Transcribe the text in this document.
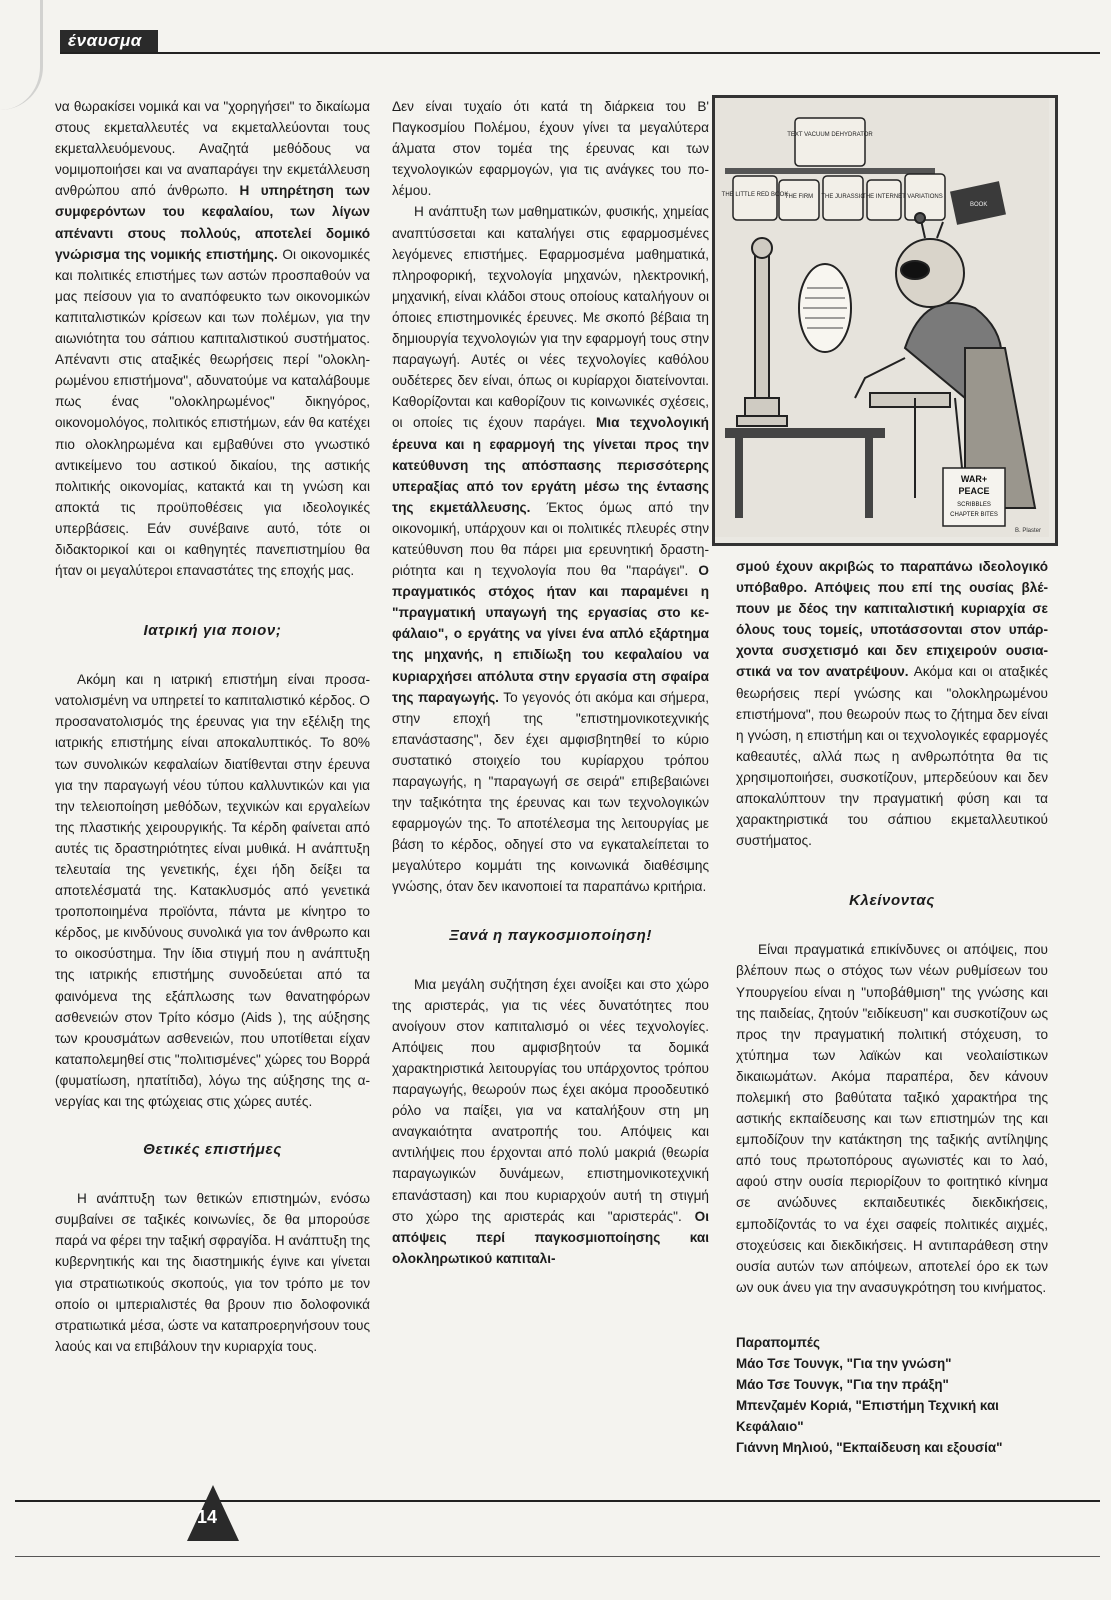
έναυσμα

να θωρακίσει νομικά και να "χορηγήσει" το δικαίωμα στους εκμεταλλευτές να εκμεταλλεύονται τους εκμεταλλευόμενους. Αναζητά μεθόδους να νομιμοποιήσει και να αναπαράγει την εκμετάλλευση ανθρώπου από άνθρωπο. Η υπηρέτηση των συμφερόντων του κεφαλαίου, των λίγων απέναντι στους πολλούς, αποτελεί δομικό γνώρισμα της νομικής επιστήμης. Οι οικονομικές και πολιτικές επιστήμες των αστών προσπαθούν να μας πείσουν για το αναπόφευκτο των οικονομικών καπιταλιστικών κρίσεων και των πολέμων, για την αιωνιότητα του σάπιου καπιταλιστικού συστήματος. Απέναντι στις αταξικές θεωρήσεις περί "ολοκληρωμένου επιστήμονα", αδυνατούμε να καταλάβουμε πως ένας "ολοκληρωμένος" δικηγόρος, οικονομολόγος, πολιτικός επιστήμων, εάν θα κατέχει πιο ολοκληρωμένα και εμβαθύνει στο γνωστικό αντικείμενο του αστικού δικαίου, της αστικής πολιτικής οικονομίας, κατακτά και τη γνώση και αποκτά τις προϋποθέσεις για ιδεολογικές υπερβάσεις. Εάν συνέβαινε αυτό, τότε οι διδακτορικοί και οι καθηγητές πανεπιστημίου θα ήταν οι μεγαλύτεροι επαναστάτες της εποχής μας.

Ιατρική για ποιον;

Ακόμη και η ιατρική επιστήμη είναι προσανατολισμένη να υπηρετεί το καπιταλιστικό κέρδος. Ο προσανατολισμός της έρευνας για την εξέλιξη της ιατρικής επιστήμης είναι αποκαλυπτικός. Το 80% των συνολικών κεφαλαίων διατίθενται στην έρευνα για την παραγωγή νέου τύπου καλλυντικών και για την τελειοποίηση μεθόδων, τεχνικών και εργαλείων της πλαστικής χειρουργικής. Τα κέρδη φαίνεται από αυτές τις δραστηριότητες είναι μυθικά. Η ανάπτυξη τελευταία της γενετικής, έχει ήδη δείξει τα αποτελέσματά της. Κατακλυσμός από γενετικά τροποποιημένα προϊόντα, πάντα με κίνητρο το κέρδος, με κινδύνους συνολικά για τον άνθρωπο και το οικοσύστημα. Την ίδια στιγμή που η ανάπτυξη της ιατρικής επιστήμης συνοδεύεται από τα φαινόμενα της εξάπλωσης των θανατηφόρων ασθενειών στον Τρίτο κόσμο (Aids ), της αύξησης των κρουσμάτων ασθενειών, που υποτίθεται είχαν καταπολεμηθεί στις "πολιτισμένες" χώρες του Βορρά (φυματίωση, ηπατίτιδα), λόγω της αύξησης της ανεργίας και της φτώχειας στις χώρες αυτές.

Θετικές επιστήμες

Η ανάπτυξη των θετικών επιστημών, ενόσω συμβαίνει σε ταξικές κοινωνίες, δε θα μπορούσε παρά να φέρει την ταξική σφραγίδα. Η ανάπτυξη της κυβερνητικής και της διαστημικής έγινε και γίνεται για στρατιωτικούς σκοπούς, για τον τρόπο με τον οποίο οι ιμπεριαλιστές θα βρουν πιο δολοφονικά στρατιωτικά μέσα, ώστε να καταπροερηνήσουν τους λαούς και να επιβάλουν την κυριαρχία τους.

Δεν είναι τυχαίο ότι κατά τη διάρκεια του Β' Παγκοσμίου Πολέμου, έχουν γίνει τα μεγαλύτερα άλματα στον τομέα της έρευνας και των τεχνολογικών εφαρμογών, για τις ανάγκες του πολέμου.

Η ανάπτυξη των μαθηματικών, φυσικής, χημείας αναπτύσσεται και καταλήγει στις εφαρμοσμένες λεγόμενες επιστήμες. Εφαρμοσμένα μαθηματικά, πληροφορική, τεχνολογία μηχανών, ηλεκτρονική, μηχανική, είναι κλάδοι στους οποίους καταλήγουν οι όποιες επιστημονικές έρευνες. Με σκοπό βέβαια τη δημιουργία τεχνολογιών για την εφαρμογή τους στην παραγωγή. Αυτές οι νέες τεχνολογίες καθόλου ουδέτερες δεν είναι, όπως οι κυρίαρχοι διατείνονται. Καθορίζονται και καθορίζουν τις κοινωνικές σχέσεις, οι οποίες τις έχουν παράγει. Μια τεχνολογική έρευνα και η εφαρμογή της γίνεται προς την κατεύθυνση της απόσπασης περισσότερης υπεραξίας από τον εργάτη μέσω της έντασης της εκμετάλλευσης. Έκτος όμως από την οικονομική, υπάρχουν και οι πολιτικές πλευρές στην κατεύθυνση που θα πάρει μια ερευνητική δραστηριότητα και η τεχνολογία που θα "παράγει". Ο πραγματικός στόχος ήταν και παραμένει η "πραγματική υπαγωγή της εργασίας στο κεφάλαιο", ο εργάτης να γίνει ένα απλό εξάρτημα της μηχανής, η επιδίωξη του κεφαλαίου να κυριαρχήσει απόλυτα στην εργασία στη σφαίρα της παραγωγής. Το γεγονός ότι ακόμα και σήμερα, στην εποχή της "επιστημονικοτεχνικής επανάστασης", δεν έχει αμφισβητηθεί το κύριο συστατικό στοιχείο του κυρίαρχου τρόπου παραγωγής, η "παραγωγή σε σειρά" επιβεβαιώνει την ταξικότητα της έρευνας και των τεχνολογικών εφαρμογών της. Το αποτέλεσμα της λειτουργίας με βάση το κέρδος, οδηγεί στο να εγκαταλείπεται το μεγαλύτερο κομμάτι της κοινωνικά διαθέσιμης γνώσης, όταν δεν ικανοποιεί τα παραπάνω κριτήρια.

Ξανά η παγκοσμιοποίηση!

Μια μεγάλη συζήτηση έχει ανοίξει και στο χώρο της αριστεράς, για τις νέες δυνατότητες που ανοίγουν στον καπιταλισμό οι νέες τεχνολογίες. Απόψεις που αμφισβητούν τα δομικά χαρακτηριστικά λειτουργίας του υπάρχοντος τρόπου παραγωγής, θεωρούν πως έχει ακόμα προοδευτικό ρόλο να παίξει, για να καταλήξουν στη μη αναγκαιότητα ανατροπής του. Απόψεις και αντιλήψεις που έρχονται από πολύ μακριά (θεωρία παραγωγικών δυνάμεων, επιστημονικοτεχνική επανάσταση) και που κυριαρχούν αυτή τη στιγμή στο χώρο της αριστεράς και "αριστεράς". Οι απόψεις περί παγκοσμιοποίησης και ολοκληρωτικού καπιταλι-

TEXT VACUUM DEHYDRATOR
THE LITTLE RED BOOK
THE FIRM THE JURASSIC
THE INTERNET VARIATIONS
BOOK
WAR+
PEACE
SCRIBBLES
CHAPTER BITES
B. Plaster

σμού έχουν ακριβώς το παραπάνω ιδεολογικό υπόβαθρο. Απόψεις που επί της ουσίας βλέπουν με δέος την καπιταλιστική κυριαρχία σε όλους τους τομείς, υποτάσσονται στον υπάρχοντα συσχετισμό και δεν επιχειρούν ουσιαστικά να τον ανατρέψουν. Ακόμα και οι αταξικές θεωρήσεις περί γνώσης και "ολοκληρωμένου επιστήμονα", που θεωρούν πως το ζήτημα δεν είναι η γνώση, η επιστήμη και οι τεχνολογικές εφαρμογές καθεαυτές, αλλά πως η ανθρωπότητα θα τις χρησιμοποιήσει, συσκοτίζουν, μπερδεύουν και δεν αποκαλύπτουν την πραγματική φύση και τα χαρακτηριστικά του σάπιου εκμεταλλευτικού συστήματος.

Κλείνοντας

Είναι πραγματικά επικίνδυνες οι απόψεις, που βλέπουν πως ο στόχος των νέων ρυθμίσεων του Υπουργείου είναι η "υποβάθμιση" της γνώσης και της παιδείας, ζητούν "ειδίκευση" και συσκοτίζουν ως προς την πραγματική πολιτική στόχευση, το χτύπημα των λαϊκών και νεολαιίστικων δικαιωμάτων. Ακόμα παραπέρα, δεν κάνουν πολεμική στο βαθύτατα ταξικό χαρακτήρα της αστικής εκπαίδευσης και των επιστημών της και εμποδίζουν την κατάκτηση της ταξικής αντίληψης από τους πρωτοπόρους αγωνιστές και το λαό, αφού στην ουσία περιορίζουν το φοιτητικό κίνημα σε ανώδυνες εκπαιδευτικές διεκδικήσεις, εμποδίζοντάς το να έχει σαφείς πολιτικές αιχμές, στοχεύσεις και διεκδικήσεις. Η αντιπαράθεση στην ουσία αυτών των απόψεων, αποτελεί όρο εκ των ων ουκ άνευ για την ανασυγκρότηση του κινήματος.

Παραπομπές
Μάο Τσε Τουνγκ, "Για την γνώση"
Μάο Τσε Τουνγκ, "Για την πράξη"
Μπενζαμέν Κοριά, "Επιστήμη Τεχνική και Κεφάλαιο"
Γιάννη Μηλιού, "Εκπαίδευση και εξουσία"
14
